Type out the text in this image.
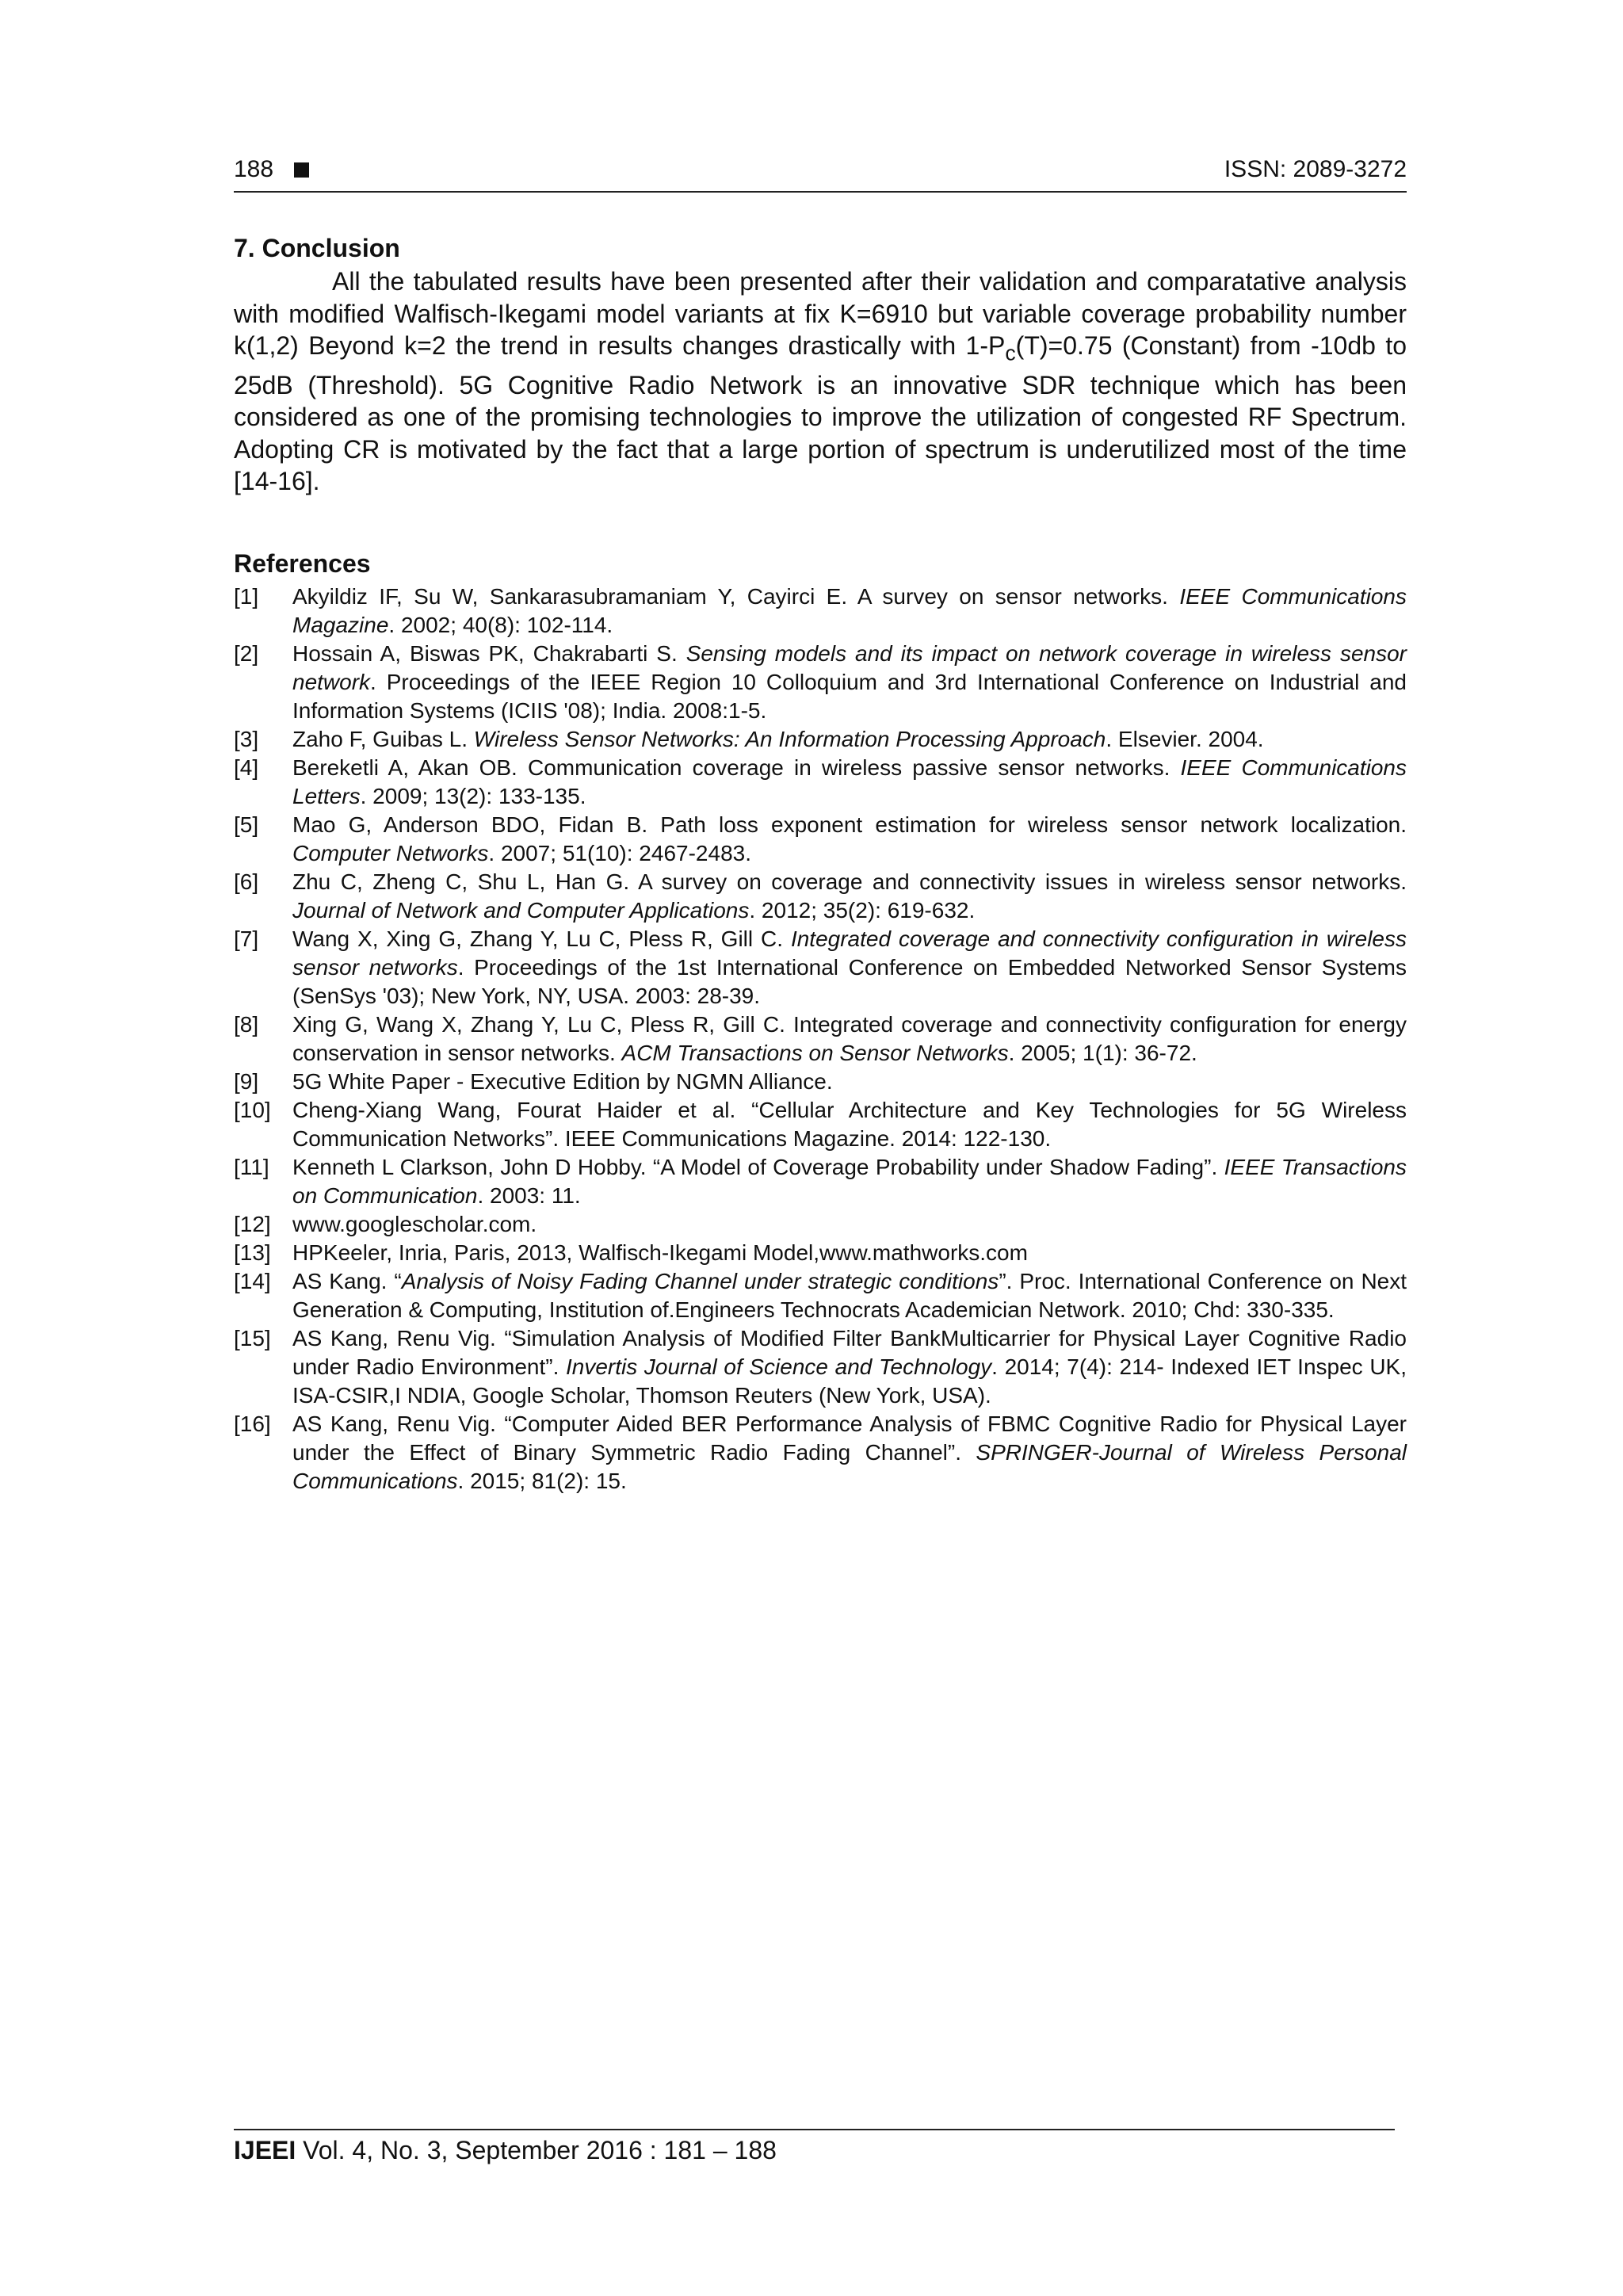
188	ISSN: 2089-3272
7. Conclusion

All the tabulated results have been presented after their validation and comparatative analysis with modified Walfisch-Ikegami model variants at fix K=6910 but variable coverage probability number k(1,2) Beyond k=2 the trend in results changes drastically with $1-P_c(T)=0.75$ (Constant) from -10db to 25dB (Threshold). 5G Cognitive Radio Network is an innovative SDR technique which has been considered as one of the promising technologies to improve the utilization of congested RF Spectrum. Adopting CR is motivated by the fact that a large portion of spectrum is underutilized most of the time [14-16].

References
[1]	Akyildiz IF, Su W, Sankarasubramaniam Y, Cayirci E. A survey on sensor networks. IEEE Communications Magazine. 2002; 40(8): 102-114.
[2]	Hossain A, Biswas PK, Chakrabarti S. Sensing models and its impact on network coverage in wireless sensor network. Proceedings of the IEEE Region 10 Colloquium and 3rd International Conference on Industrial and Information Systems (ICIIS '08); India. 2008:1-5.
[3]	Zaho F, Guibas L. Wireless Sensor Networks: An Information Processing Approach. Elsevier. 2004.
[4]	Bereketli A, Akan OB. Communication coverage in wireless passive sensor networks. IEEE Communications Letters. 2009; 13(2): 133-135.
[5]	Mao G, Anderson BDO, Fidan B. Path loss exponent estimation for wireless sensor network localization. Computer Networks. 2007; 51(10): 2467-2483.
[6]	Zhu C, Zheng C, Shu L, Han G. A survey on coverage and connectivity issues in wireless sensor networks. Journal of Network and Computer Applications. 2012; 35(2): 619-632.
[7]	Wang X, Xing G, Zhang Y, Lu C, Pless R, Gill C. Integrated coverage and connectivity configuration in wireless sensor networks. Proceedings of the 1st International Conference on Embedded Networked Sensor Systems (SenSys '03); New York, NY, USA. 2003: 28-39.
[8]	Xing G, Wang X, Zhang Y, Lu C, Pless R, Gill C. Integrated coverage and connectivity configuration for energy conservation in sensor networks. ACM Transactions on Sensor Networks. 2005; 1(1): 36-72.
[9]	5G White Paper - Executive Edition by NGMN Alliance.
[10] Cheng-Xiang Wang, Fourat Haider et al. “Cellular Architecture and Key Technologies for 5G Wireless Communication Networks”. IEEE Communications Magazine. 2014: 122-130.
[11]	Kenneth L Clarkson, John D Hobby. “A Model of Coverage Probability under Shadow Fading”. IEEE Transactions on Communication. 2003: 11.
[12] www.googlescholar.com.
[13] HPKeeler, Inria, Paris, 2013, Walfisch-Ikegami Model,www.mathworks.com
[14] AS Kang. “Analysis of Noisy Fading Channel under strategic conditions”. Proc. International Conference on Next Generation & Computing, Institution of.Engineers Technocrats Academician Network. 2010; Chd: 330-335.
[15] AS Kang, Renu Vig. “Simulation Analysis of Modified Filter BankMulticarrier for Physical Layer Cognitive Radio under Radio Environment”. Invertis Journal of Science and Technology. 2014; 7(4): 214- Indexed IET Inspec UK, ISA-CSIR,I NDIA, Google Scholar, Thomson Reuters (New York, USA).
[16] AS Kang, Renu Vig. “Computer Aided BER Performance Analysis of FBMC Cognitive Radio for Physical Layer under the Effect of Binary Symmetric Radio Fading Channel”. SPRINGER-Journal of Wireless Personal Communications. 2015; 81(2): 15.
IJEEI Vol. 4, No. 3, September 2016 : 181 – 188
